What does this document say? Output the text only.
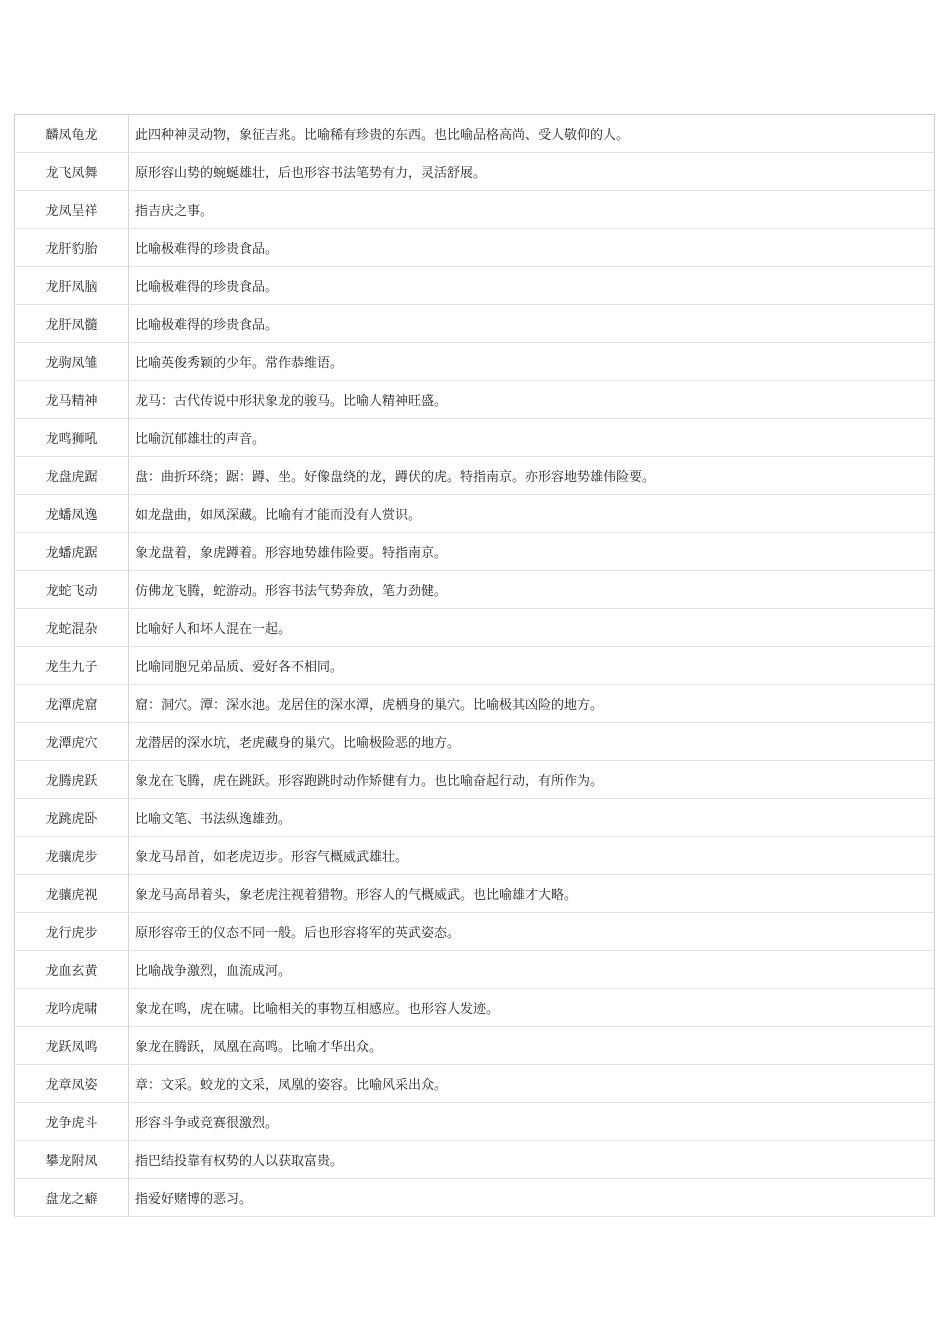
麟凤龟龙	此四种神灵动物，象征吉兆。比喻稀有珍贵的东西。也比喻品格高尚、受人敬仰的人。
龙飞凤舞	原形容山势的蜿蜒雄壮，后也形容书法笔势有力，灵活舒展。
龙凤呈祥	指吉庆之事。
龙肝豹胎	比喻极难得的珍贵食品。
龙肝凤脑	比喻极难得的珍贵食品。
龙肝凤髓	比喻极难得的珍贵食品。
龙驹凤雏	比喻英俊秀颖的少年。常作恭维语。
龙马精神	龙马：古代传说中形状象龙的骏马。比喻人精神旺盛。
龙鸣狮吼	比喻沉郁雄壮的声音。
龙盘虎踞	盘：曲折环绕；踞：蹲、坐。好像盘绕的龙，蹲伏的虎。特指南京。亦形容地势雄伟险要。
龙蟠凤逸	如龙盘曲，如凤深藏。比喻有才能而没有人赏识。
龙蟠虎踞	象龙盘着，象虎蹲着。形容地势雄伟险要。特指南京。
龙蛇飞动	仿佛龙飞腾，蛇游动。形容书法气势奔放，笔力劲健。
龙蛇混杂	比喻好人和坏人混在一起。
龙生九子	比喻同胞兄弟品质、爱好各不相同。
龙潭虎窟	窟：洞穴。潭：深水池。龙居住的深水潭，虎栖身的巢穴。比喻极其凶险的地方。
龙潭虎穴	龙潜居的深水坑，老虎藏身的巢穴。比喻极险恶的地方。
龙腾虎跃	象龙在飞腾，虎在跳跃。形容跑跳时动作矫健有力。也比喻奋起行动，有所作为。
龙跳虎卧	比喻文笔、书法纵逸雄劲。
龙骧虎步	象龙马昂首，如老虎迈步。形容气概威武雄壮。
龙骧虎视	象龙马高昂着头，象老虎注视着猎物。形容人的气概威武。也比喻雄才大略。
龙行虎步	原形容帝王的仪态不同一般。后也形容将军的英武姿态。
龙血玄黄	比喻战争激烈，血流成河。
龙吟虎啸	象龙在鸣，虎在啸。比喻相关的事物互相感应。也形容人发迹。
龙跃凤鸣	象龙在腾跃，凤凰在高鸣。比喻才华出众。
龙章凤姿	章：文采。蛟龙的文采，凤凰的姿容。比喻风采出众。
龙争虎斗	形容斗争或竞赛很激烈。
攀龙附凤	指巴结投靠有权势的人以获取富贵。
盘龙之癖	指爱好赌博的恶习。
